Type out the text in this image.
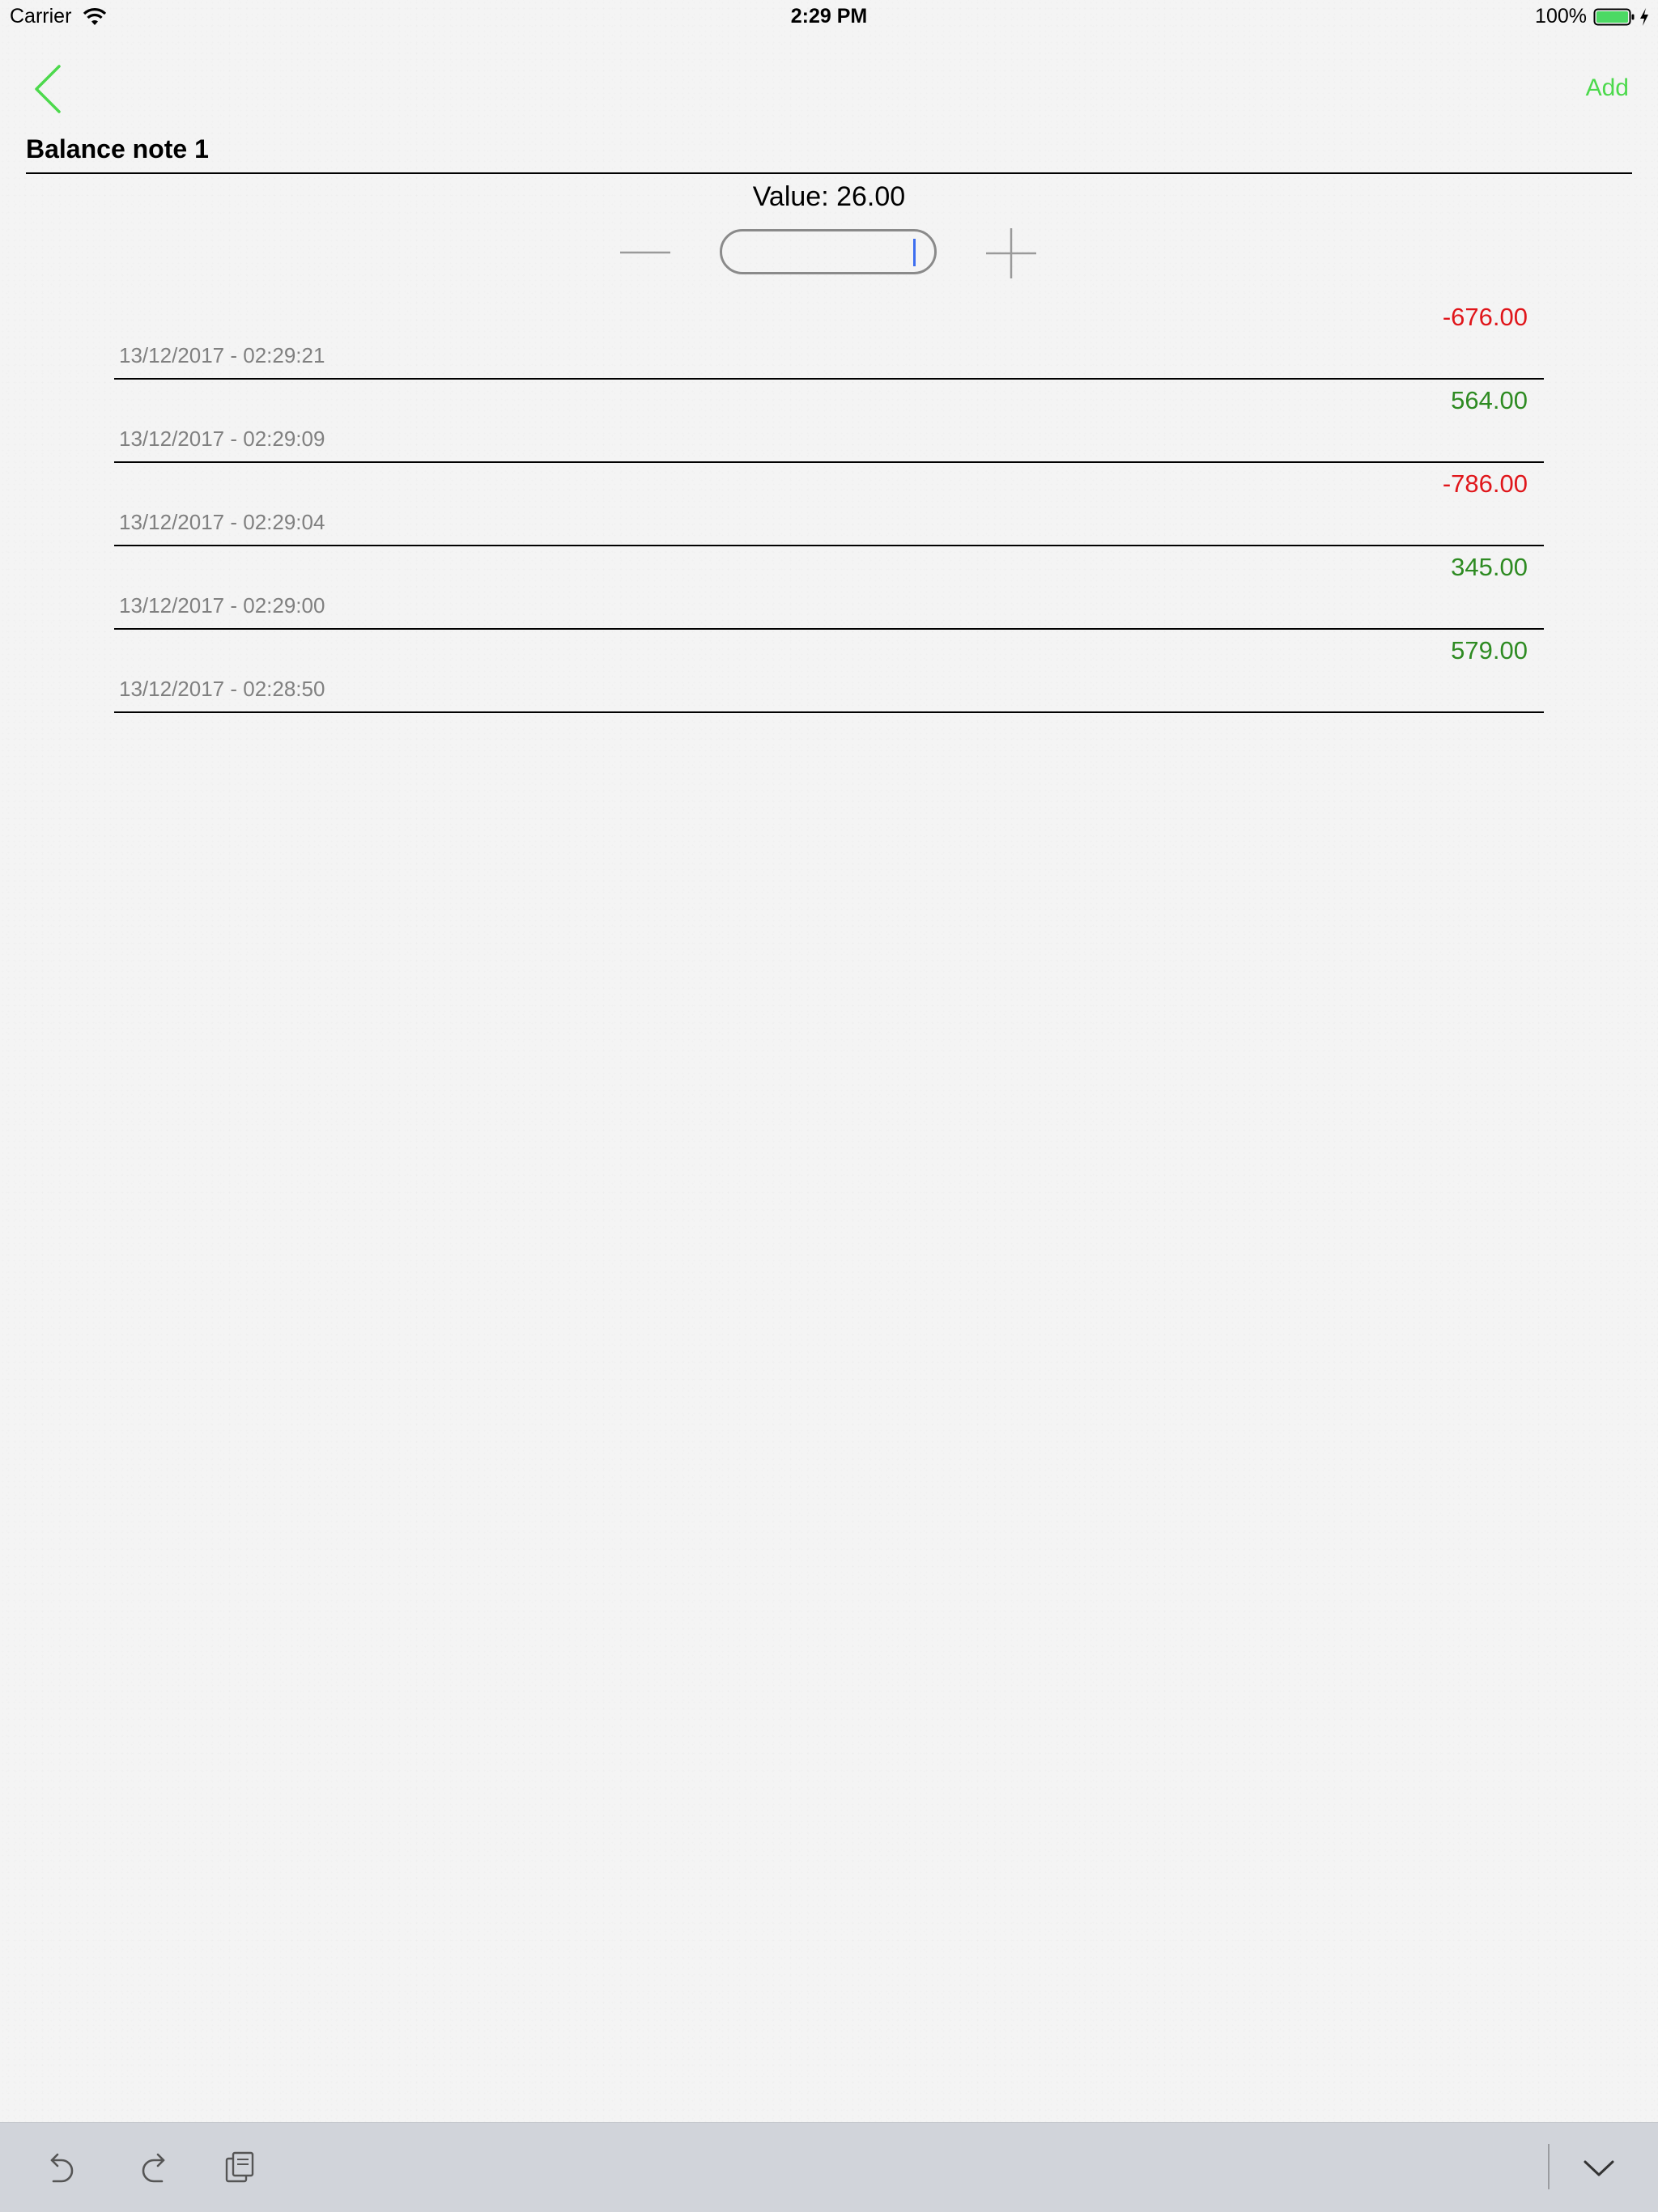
Carrier	2:29 PM	100%
Add
Balance note 1
Value: 26.00
-676.00
13/12/2017 - 02:29:21
564.00
13/12/2017 - 02:29:09
-786.00
13/12/2017 - 02:29:04
345.00
13/12/2017 - 02:29:00
579.00
13/12/2017 - 02:28:50
